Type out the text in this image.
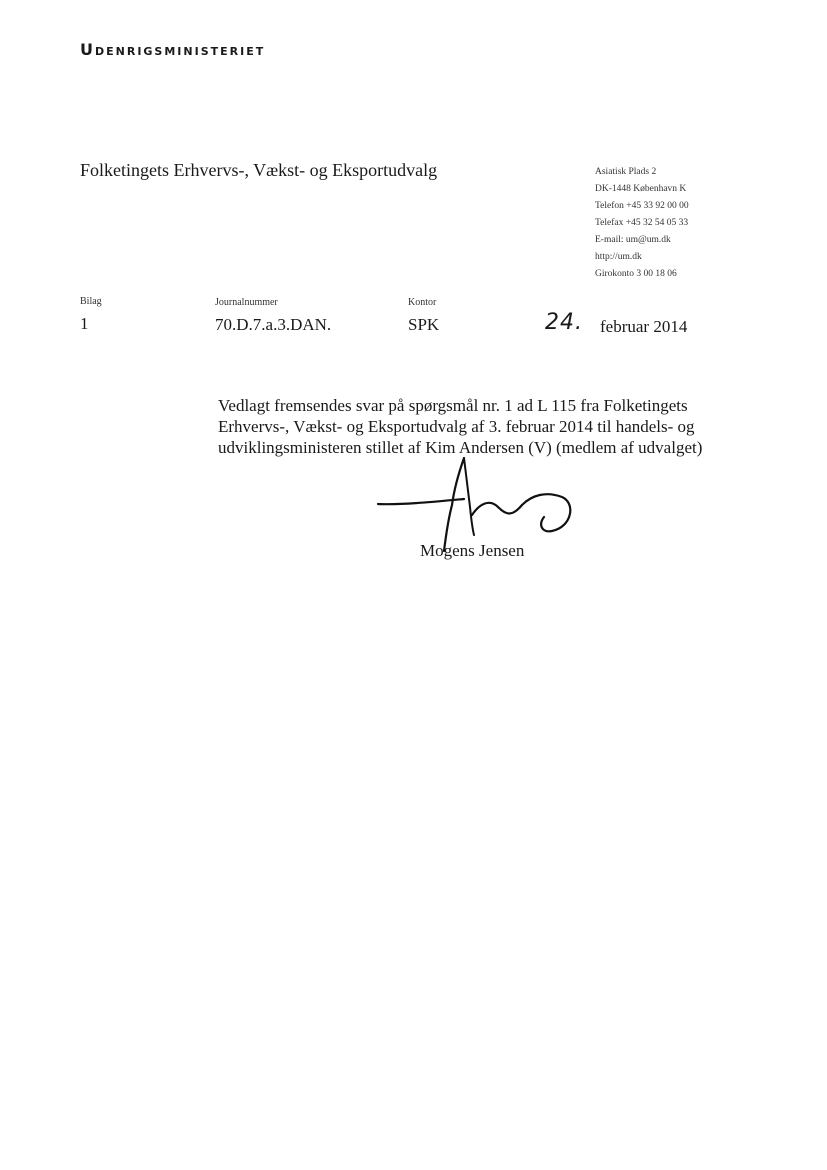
Udenrigsministeriet
Folketingets Erhvervs-, Vækst- og Eksportudvalg	Asiatisk Plads 2
DK-1448 København K
Telefon +45 33 92 00 00
Telefax +45 32 54 05 33
E-mail: um@um.dk
http://um.dk
Girokonto 3 00 18 06
Bilag
1
Journalnummer
70.D.7.a.3.DAN.
Kontor
SPK	24. februar 2014
Vedlagt fremsendes svar på spørgsmål nr. 1 ad L 115 fra Folketingets Erhvervs-, Vækst- og Eksportudvalg af 3. februar 2014 til handels- og udviklingsministeren stillet af Kim Andersen (V) (medlem af udvalget)
Mogens Jensen
